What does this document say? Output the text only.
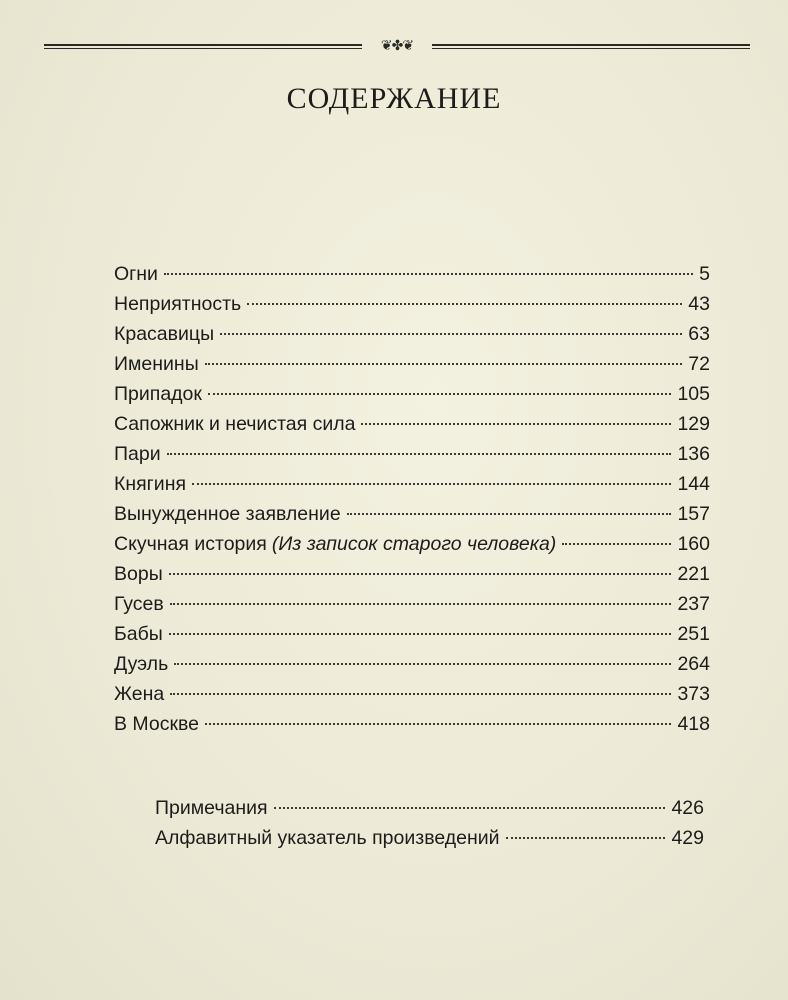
❦✤❦
СОДЕРЖАНИЕ
Огни	5
Неприятность	43
Красавицы	63
Именины	72
Припадок	105
Сапожник и нечистая сила	129
Пари	136
Княгиня	144
Вынужденное заявление	157
Скучная история (Из записок старого человека)	160
Воры	221
Гусев	237
Бабы	251
Дуэль	264
Жена	373
В Москве	418
Примечания	426
Алфавитный указатель произведений	429
